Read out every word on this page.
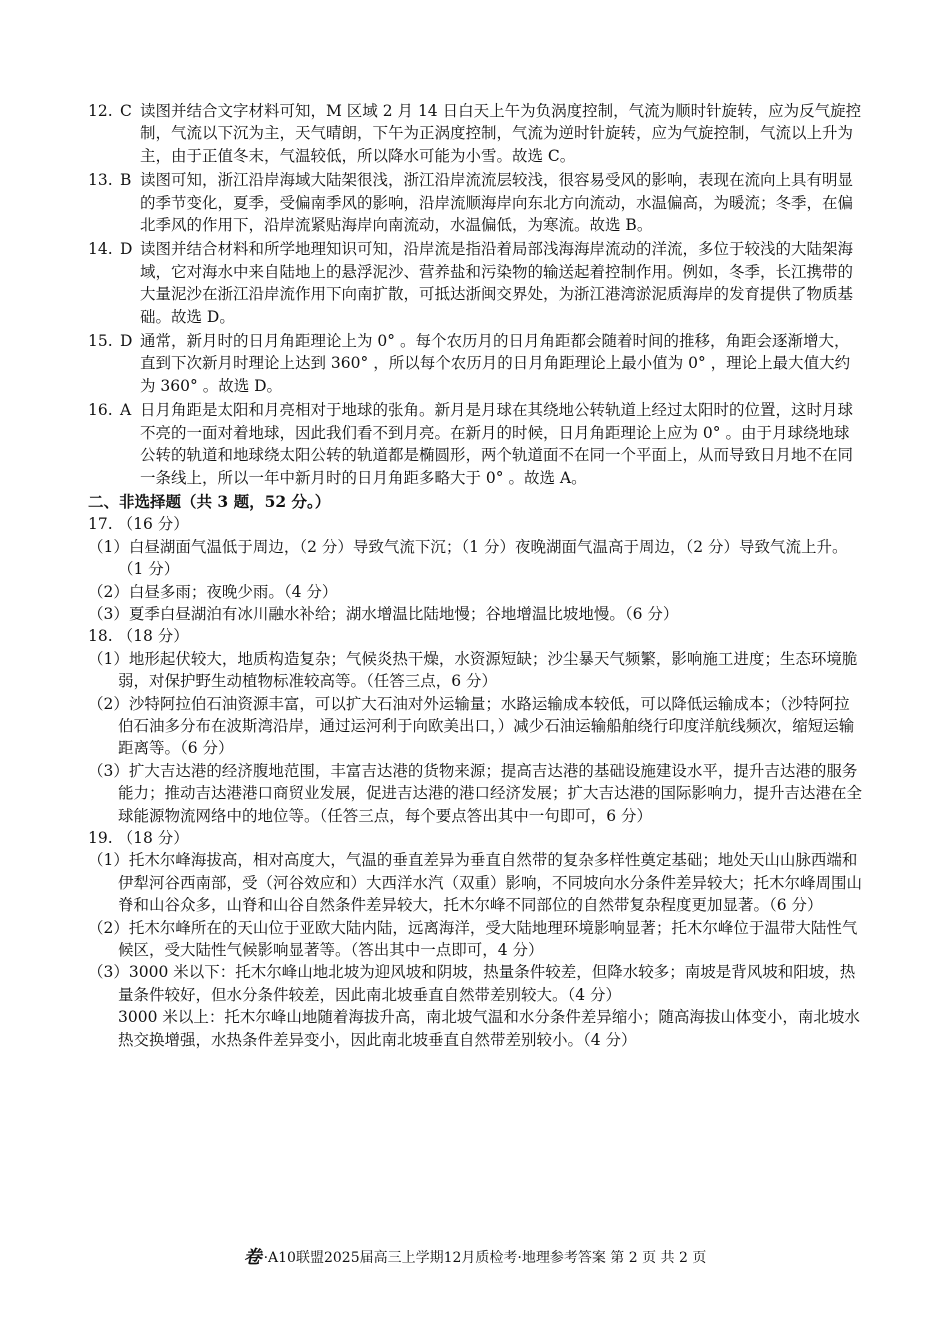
12. C 读图并结合文字材料可知，M 区域 2 月 14 日白天上午为负涡度控制，气流为顺时针旋转，应为反气旋控制，气流以下沉为主，天气晴朗，下午为正涡度控制，气流为逆时针旋转，应为气旋控制，气流以上升为主，由于正值冬末，气温较低，所以降水可能为小雪。故选 C。
13. B 读图可知，浙江沿岸海域大陆架很浅，浙江沿岸流流层较浅，很容易受风的影响，表现在流向上具有明显的季节变化，夏季，受偏南季风的影响，沿岸流顺海岸向东北方向流动，水温偏高，为暖流；冬季，在偏北季风的作用下，沿岸流紧贴海岸向南流动，水温偏低，为寒流。故选 B。
14. D 读图并结合材料和所学地理知识可知，沿岸流是指沿着局部浅海海岸流动的洋流，多位于较浅的大陆架海域，它对海水中来自陆地上的悬浮泥沙、营养盐和污染物的输送起着控制作用。例如，冬季，长江携带的大量泥沙在浙江沿岸流作用下向南扩散，可抵达浙闽交界处，为浙江港湾淤泥质海岸的发育提供了物质基础。故选 D。
15. D 通常，新月时的日月角距理论上为 0° 。每个农历月的日月角距都会随着时间的推移，角距会逐渐增大，直到下次新月时理论上达到 360° ，所以每个农历月的日月角距理论上最小值为 0° ，理论上最大值大约为 360° 。故选 D。
16. A 日月角距是太阳和月亮相对于地球的张角。新月是月球在其绕地公转轨道上经过太阳时的位置，这时月球不亮的一面对着地球，因此我们看不到月亮。在新月的时候，日月角距理论上应为 0° 。由于月球绕地球公转的轨道和地球绕太阳公转的轨道都是椭圆形，两个轨道面不在同一个平面上，从而导致日月地不在同一条线上，所以一年中新月时的日月角距多略大于 0° 。故选 A。
二、非选择题（共 3 题，52 分。）
17. （16 分）
（1）白昼湖面气温低于周边，（2 分）导致气流下沉；（1 分）夜晚湖面气温高于周边，（2 分）导致气流上升。（1 分）
（2）白昼多雨；夜晚少雨。（4 分）
（3）夏季白昼湖泊有冰川融水补给；湖水增温比陆地慢；谷地增温比坡地慢。（6 分）
18. （18 分）
（1）地形起伏较大，地质构造复杂；气候炎热干燥，水资源短缺；沙尘暴天气频繁，影响施工进度；生态环境脆弱，对保护野生动植物标准较高等。（任答三点，6 分）
（2）沙特阿拉伯石油资源丰富，可以扩大石油对外运输量；水路运输成本较低，可以降低运输成本；（沙特阿拉伯石油多分布在波斯湾沿岸，通过运河利于向欧美出口，）减少石油运输船舶绕行印度洋航线频次，缩短运输距离等。（6 分）
（3）扩大吉达港的经济腹地范围，丰富吉达港的货物来源；提高吉达港的基础设施建设水平，提升吉达港的服务能力；推动吉达港港口商贸业发展，促进吉达港的港口经济发展；扩大吉达港的国际影响力，提升吉达港在全球能源物流网络中的地位等。（任答三点，每个要点答出其中一句即可，6 分）
19. （18 分）
（1）托木尔峰海拔高，相对高度大，气温的垂直差异为垂直自然带的复杂多样性奠定基础；地处天山山脉西端和伊犁河谷西南部，受（河谷效应和）大西洋水汽（双重）影响，不同坡向水分条件差异较大；托木尔峰周围山脊和山谷众多，山脊和山谷自然条件差异较大，托木尔峰不同部位的自然带复杂程度更加显著。（6 分）
（2）托木尔峰所在的天山位于亚欧大陆内陆，远离海洋，受大陆地理环境影响显著；托木尔峰位于温带大陆性气候区，受大陆性气候影响显著等。（答出其中一点即可，4 分）
（3）3000 米以下：托木尔峰山地北坡为迎风坡和阴坡，热量条件较差，但降水较多；南坡是背风坡和阳坡，热量条件较好，但水分条件较差，因此南北坡垂直自然带差别较大。（4 分）
3000 米以上：托木尔峰山地随着海拔升高，南北坡气温和水分条件差异缩小；随高海拔山体变小，南北坡水热交换增强，水热条件差异变小，因此南北坡垂直自然带差别较小。（4 分）
卷 ·A10联盟2025届高三上学期12月质检考·地理参考答案 第 2 页 共 2 页
